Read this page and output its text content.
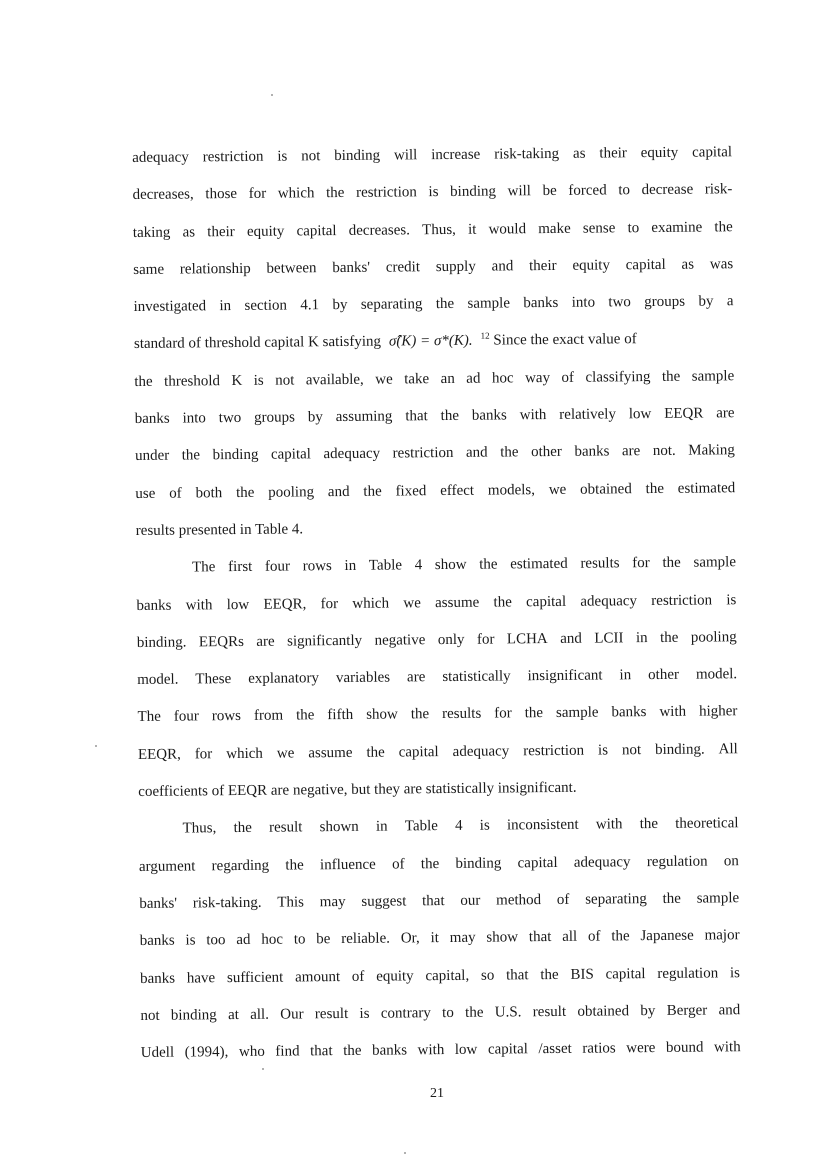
adequacy restriction is not binding will increase risk-taking as their equity capital
decreases, those for which the restriction is binding will be forced to decrease risk-
taking as their equity capital decreases. Thus, it would make sense to examine the
same relationship between banks' credit supply and their equity capital as was
investigated in section 4.1 by separating the sample banks into two groups by a
standard of threshold capital K satisfying σ̂(K) = σ*(K). $^{12}$ Since the exact value of
the threshold K is not available, we take an ad hoc way of classifying the sample
banks into two groups by assuming that the banks with relatively low EEQR are
under the binding capital adequacy restriction and the other banks are not. Making
use of both the pooling and the fixed effect models, we obtained the estimated
results presented in Table 4.
The first four rows in Table 4 show the estimated results for the sample
banks with low EEQR, for which we assume the capital adequacy restriction is
binding. EEQRs are significantly negative only for LCHA and LCII in the pooling
model. These explanatory variables are statistically insignificant in other model.
The four rows from the fifth show the results for the sample banks with higher
EEQR, for which we assume the capital adequacy restriction is not binding. All
coefficients of EEQR are negative, but they are statistically insignificant.
Thus, the result shown in Table 4 is inconsistent with the theoretical
argument regarding the influence of the binding capital adequacy regulation on
banks' risk-taking. This may suggest that our method of separating the sample
banks is too ad hoc to be reliable. Or, it may show that all of the Japanese major
banks have sufficient amount of equity capital, so that the BIS capital regulation is
not binding at all. Our result is contrary to the U.S. result obtained by Berger and
Udell (1994), who find that the banks with low capital /asset ratios were bound with
21
